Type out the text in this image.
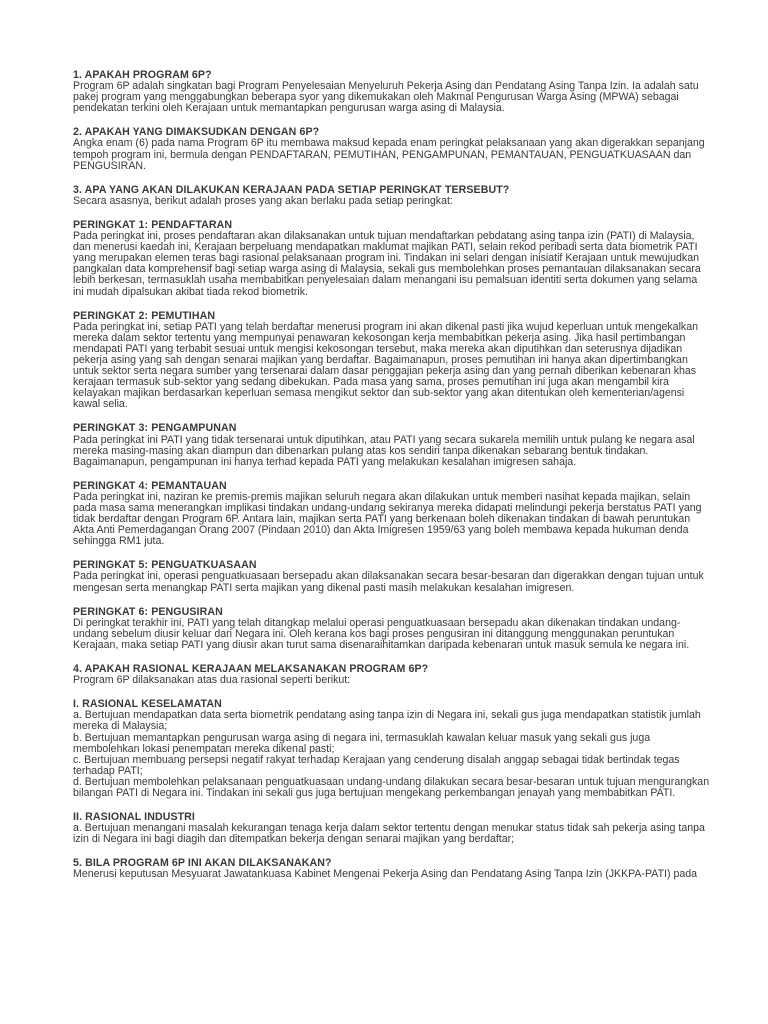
1. APAKAH PROGRAM 6P?
Program 6P adalah singkatan bagi Program Penyelesaian Menyeluruh Pekerja Asing dan Pendatang Asing Tanpa Izin. Ia adalah satu
pakej program yang menggabungkan beberapa syor yang dikemukakan oleh Makmal Pengurusan Warga Asing (MPWA) sebagai
pendekatan terkini oleh Kerajaan untuk memantapkan pengurusan warga asing di Malaysia.
2. APAKAH YANG DIMAKSUDKAN DENGAN 6P?
Angka enam (6) pada nama Program 6P itu membawa maksud kepada enam peringkat pelaksanaan yang akan digerakkan sepanjang
tempoh program ini, bermula dengan PENDAFTARAN, PEMUTIHAN, PENGAMPUNAN, PEMANTAUAN, PENGUATKUASAAN dan
PENGUSIRAN.
3. APA YANG AKAN DILAKUKAN KERAJAAN PADA SETIAP PERINGKAT TERSEBUT?
Secara asasnya, berikut adalah proses yang akan berlaku pada setiap peringkat:
PERINGKAT 1: PENDAFTARAN
Pada peringkat ini, proses pendaftaran akan dilaksanakan untuk tujuan mendaftarkan pebdatang asing tanpa izin (PATI) di Malaysia,
dan menerusi kaedah ini, Kerajaan berpeluang mendapatkan maklumat majikan PATI, selain rekod peribadi serta data biometrik PATI
yang merupakan elemen teras bagi rasional pelaksanaan program ini. Tindakan ini selari dengan inisiatif Kerajaan untuk mewujudkan
pangkalan data komprehensif bagi setiap warga asing di Malaysia, sekali gus membolehkan proses pemantauan dilaksanakan secara
lebih berkesan, termasuklah usaha membabitkan penyelesaian dalam menangani isu pemalsuan identiti serta dokumen yang selama
ini mudah dipalsukan akibat tiada rekod biometrik.
PERINGKAT 2: PEMUTIHAN
Pada peringkat ini, setiap PATI yang telah berdaftar menerusi program ini akan dikenal pasti jika wujud keperluan untuk mengekalkan
mereka dalam sektor tertentu yang mempunyai penawaran kekosongan kerja membabitkan pekerja asing. Jika hasil pertimbangan
mendapati PATI yang terbabit sesuai untuk mengisi kekosongan tersebut, maka mereka akan diputihkan dan seterusnya dijadikan
pekerja asing yang sah dengan senarai majikan yang berdaftar. Bagaimanapun, proses pemutihan ini hanya akan dipertimbangkan
untuk sektor serta negara sumber yang tersenarai dalam dasar penggajian pekerja asing dan yang pernah diberikan kebenaran khas
kerajaan termasuk sub-sektor yang sedang dibekukan. Pada masa yang sama, proses pemutihan ini juga akan mengambil kira
kelayakan majikan berdasarkan keperluan semasa mengikut sektor dan sub-sektor yang akan ditentukan oleh kementerian/agensi
kawal selia.
PERINGKAT 3: PENGAMPUNAN
Pada peringkat ini PATI yang tidak tersenarai untuk diputihkan, atau PATI yang secara sukarela memilih untuk pulang ke negara asal
mereka masing-masing akan diampun dan dibenarkan pulang atas kos sendiri tanpa dikenakan sebarang bentuk tindakan.
Bagaimanapun, pengampunan ini hanya terhad kepada PATI yang melakukan kesalahan imigresen sahaja.
PERINGKAT 4: PEMANTAUAN
Pada peringkat ini, naziran ke premis-premis majikan seluruh negara akan dilakukan untuk memberi nasihat kepada majikan, selain
pada masa sama menerangkan implikasi tindakan undang-undang sekiranya mereka didapati melindungi pekerja berstatus PATI yang
tidak berdaftar dengan Program 6P. Antara lain, majikan serta PATI yang berkenaan boleh dikenakan tindakan di bawah peruntukan
Akta Anti Pemerdagangan Orang 2007 (Pindaan 2010) dan Akta Imigresen 1959/63 yang boleh membawa kepada hukuman denda
sehingga RM1 juta.
PERINGKAT 5: PENGUATKUASAAN
Pada peringkat ini, operasi penguatkuasaan bersepadu akan dilaksanakan secara besar-besaran dan digerakkan dengan tujuan untuk
mengesan serta menangkap PATI serta majikan yang dikenal pasti masih melakukan kesalahan imigresen.
PERINGKAT 6: PENGUSIRAN
Di peringkat terakhir ini, PATI yang telah ditangkap melalui operasi penguatkuasaan bersepadu akan dikenakan tindakan undang-
undang sebelum diusir keluar dari Negara ini. Oleh kerana kos bagi proses pengusiran ini ditanggung menggunakan peruntukan
Kerajaan, maka setiap PATI yang diusir akan turut sama disenaraihitamkan daripada kebenaran untuk masuk semula ke negara ini.
4. APAKAH RASIONAL KERAJAAN MELAKSANAKAN PROGRAM 6P?
Program 6P dilaksanakan atas dua rasional seperti berikut:
I. RASIONAL KESELAMATAN
a. Bertujuan mendapatkan data serta biometrik pendatang asing tanpa izin di Negara ini, sekali gus juga mendapatkan statistik jumlah
mereka di Malaysia;
b. Bertujuan memantapkan pengurusan warga asing di negara ini, termasuklah kawalan keluar masuk yang sekali gus juga
membolehkan lokasi penempatan mereka dikenal pasti;
c. Bertujuan membuang persepsi negatif rakyat terhadap Kerajaan yang cenderung disalah anggap sebagai tidak bertindak tegas
terhadap PATI;
d. Bertujuan membolehkan pelaksanaan penguatkuasaan undang-undang dilakukan secara besar-besaran untuk tujuan mengurangkan
bilangan PATI di Negara ini. Tindakan ini sekali gus juga bertujuan mengekang perkembangan jenayah yang membabitkan PATI.
II. RASIONAL INDUSTRI
a. Bertujuan menangani masalah kekurangan tenaga kerja dalam sektor tertentu dengan menukar status tidak sah pekerja asing tanpa
izin di Negara ini bagi diagih dan ditempatkan bekerja dengan senarai majikan yang berdaftar;
5. BILA PROGRAM 6P INI AKAN DILAKSANAKAN?
Menerusi keputusan Mesyuarat Jawatankuasa Kabinet Mengenai Pekerja Asing dan Pendatang Asing Tanpa Izin (JKKPA-PATI) pada
